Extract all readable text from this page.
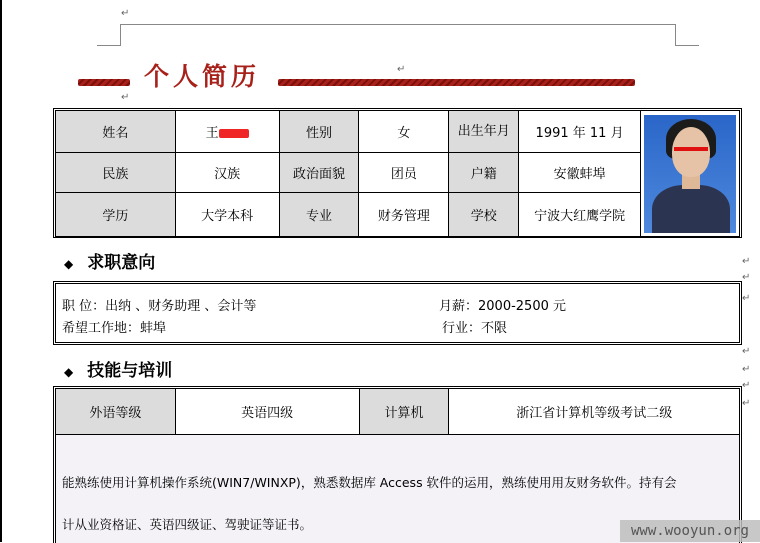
↵
↵
↵
个人简历
姓名	王	性别	女	出生年月	1991 年 11 月	

民族	汉族	政治面貌	团员	户籍	安徽蚌埠	
学历	大学本科	专业	财务管理	学校	宁波大红鹰学院	
◆ 求职意向	↵
↵
职 位：出纳 、财务助理 、会计等	月薪：2000-2500 元
希望工作地：蚌埠	行业：不限
↵
↵
◆ 技能与培训	↵
↵
外语等级	英语四级	计算机	浙江省计算机等级考试二级

能熟练使用计算机操作系统(WIN7/WINXP)，熟悉数据库 Access 软件的运用，熟练使用用友财务软件。持有会
计从业资格证、英语四级证、驾驶证等证书。
↵
www.wooyun.org
